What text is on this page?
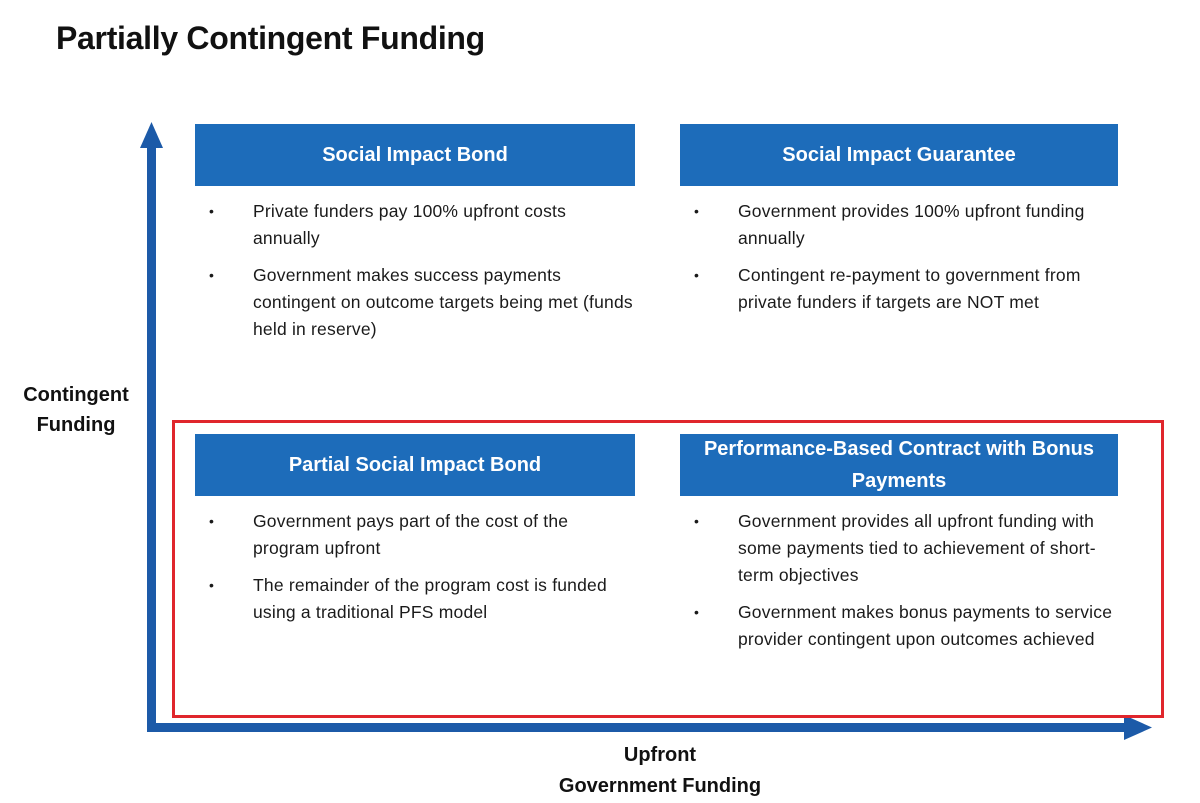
Partially Contingent Funding
Contingent
Funding
Upfront
Government Funding
Social Impact Bond
• Private funders pay 100% upfront costs annually
• Government makes success payments contingent on outcome targets being met (funds held in reserve)
Social Impact Guarantee
• Government provides 100% upfront funding annually
• Contingent re-payment to government from private funders if targets are NOT met
Partial Social Impact Bond
• Government pays part of the cost of the program upfront
• The remainder of the program cost is funded using a traditional PFS model
Performance-Based Contract with Bonus Payments
• Government provides all upfront funding with some payments tied to achievement of short-term objectives
• Government makes bonus payments to service provider contingent upon outcomes achieved
